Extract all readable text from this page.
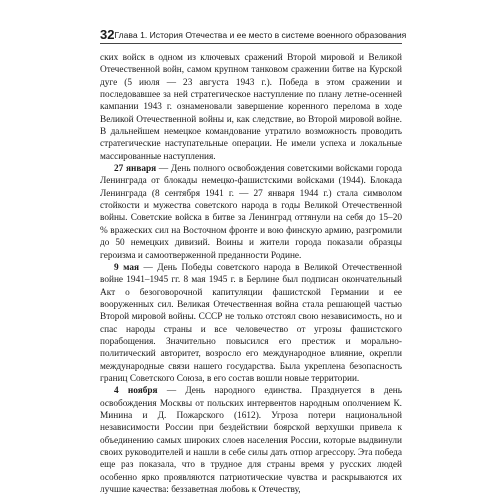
32 Глава 1. История Отечества и ее место в системе военного образования

ских войск в одном из ключевых сражений Второй мировой и Великой Отечественной войн, самом крупном танковом сражении битве на Курской дуге (5 июля — 23 августа 1943 г.). Победа в этом сражении и последовавшее за ней стратегическое наступление по плану летне-осенней кампании 1943 г. ознаменовали завершение коренного перелома в ходе Великой Отечественной войны и, как следствие, во Второй мировой войне. В дальнейшем немецкое командование утратило возможность проводить стратегические наступательные операции. Не имели успеха и локальные массированные наступления.

27 января — День полного освобождения советскими войсками города Ленинграда от блокады немецко-фашистскими войсками (1944). Блокада Ленинграда (8 сентября 1941 г. — 27 января 1944 г.) стала символом стойкости и мужества советского народа в годы Великой Отечественной войны. Советские войска в битве за Ленинград оттянули на себя до 15–20 % вражеских сил на Восточном фронте и вою финскую армию, разгромили до 50 немецких дивизий. Воины и жители города показали образцы героизма и самоотверженной преданности Родине.

9 мая — День Победы советского народа в Великой Отечественной войне 1941–1945 гг. 8 мая 1945 г. в Берлине был подписан окончательный Акт о безоговорочной капитуляции фашистской Германии и ее вооруженных сил. Великая Отечественная война стала решающей частью Второй мировой войны. СССР не только отстоял свою независимость, но и спас народы страны и все человечество от угрозы фашистского порабощения. Значительно повысился его престиж и морально-политический авторитет, возросло его международное влияние, окрепли международные связи нашего государства. Была укреплена безопасность границ Советского Союза, в его состав вошли новые территории.

4 ноября — День народного единства. Празднуется в день освобождения Москвы от польских интервентов народным ополчением К. Минина и Д. Пожарского (1612). Угроза потери национальной независимости России при бездействии боярской верхушки привела к объединению самых широких слоев населения России, которые выдвинули своих руководителей и нашли в себе силы дать отпор агрессору. Эта победа еще раз показала, что в трудное для страны время у русских людей особенно ярко проявляются патриотические чувства и раскрываются их лучшие качества: беззаветная любовь к Отечеству,
